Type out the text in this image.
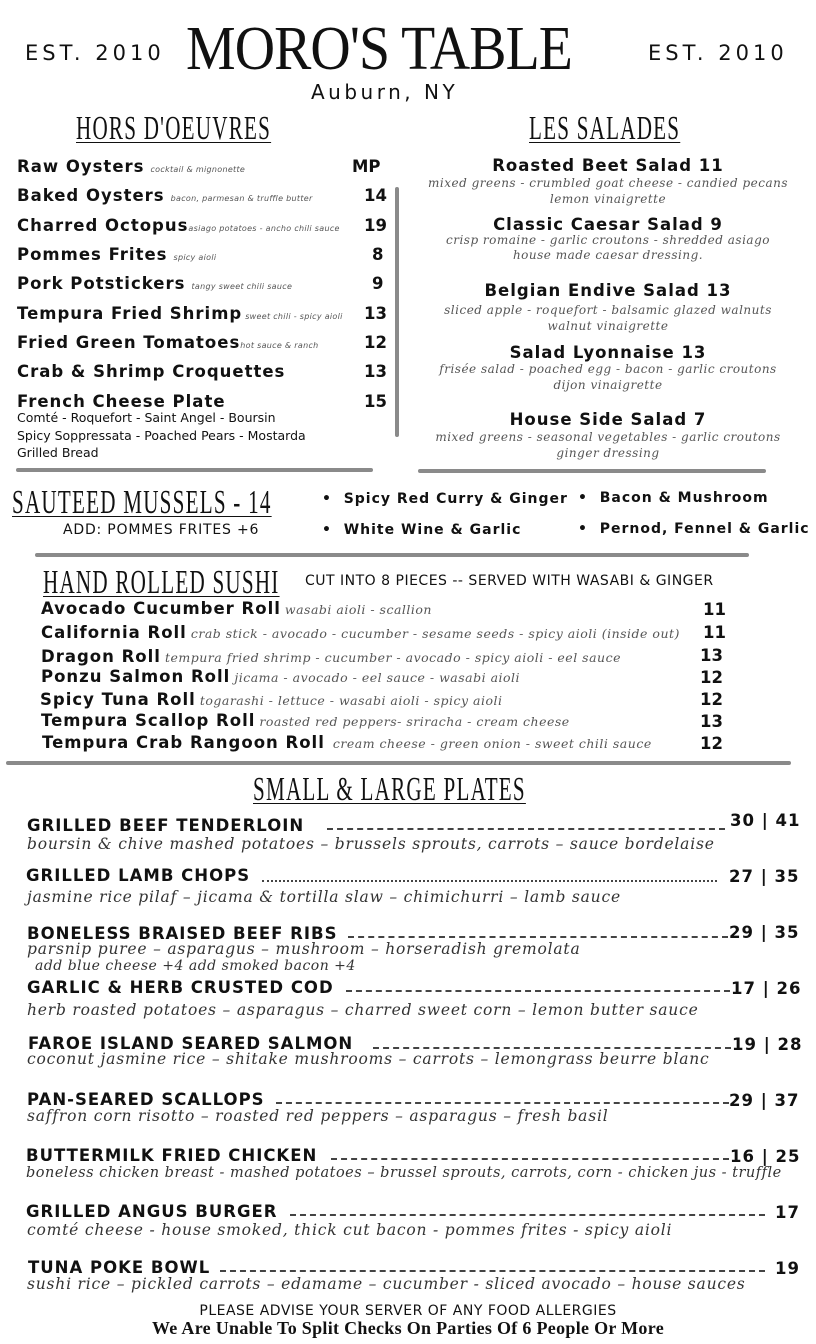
EST. 2010 MORO'S TABLE	EST. 2010
Auburn, NY
HORS D'OEUVRES
Raw Oysters cocktail & mignonette	MP
Baked Oysters bacon, parmesan & truffle butter	14
Charred Octopusasiago potatoes - ancho chili sauce 19
Pommes Frites spicy aioli	8
Pork Potstickers tangy sweet chili sauce	9
Tempura Fried Shrimp sweet chili - spicy aioli 13
Fried Green Tomatoeshot sauce & ranch	12
Crab & Shrimp Croquettes	13
French Cheese Plate	15
Comté - Roquefort - Saint Angel - Boursin
Spicy Soppressata - Poached Pears - Mostarda
Grilled Bread
LES SALADES
Roasted Beet Salad 11
mixed greens - crumbled goat cheese - candied pecans
lemon vinaigrette
Classic Caesar Salad 9
crisp romaine - garlic croutons - shredded asiago
house made caesar dressing.
Belgian Endive Salad 13
sliced apple - roquefort - balsamic glazed walnuts
walnut vinaigrette
Salad Lyonnaise 13
frisée salad - poached egg - bacon - garlic croutons
dijon vinaigrette
House Side Salad 7
mixed greens - seasonal vegetables - garlic croutons
ginger dressing
SAUTEED MUSSELS - 14
ADD: POMMES FRITES +6
•  Spicy Red Curry & Ginger
•  White Wine & Garlic
•  Bacon & Mushroom
•  Pernod, Fennel & Garlic
HAND ROLLED SUSHI CUT INTO 8 PIECES -- SERVED WITH WASABI & GINGER
Avocado Cucumber Roll wasabi aioli - scallion	11
California Roll crab stick - avocado - cucumber - sesame seeds - spicy aioli (inside out) 11
Dragon Roll tempura fried shrimp - cucumber - avocado - spicy aioli - eel sauce	13
Ponzu Salmon Roll jicama - avocado - eel sauce - wasabi aioli	12
Spicy Tuna Roll togarashi - lettuce - wasabi aioli - spicy aioli	12
Tempura Scallop Roll roasted red peppers- sriracha - cream cheese	13
Tempura Crab Rangoon Roll cream cheese - green onion - sweet chili sauce	12
SMALL & LARGE PLATES
GRILLED BEEF TENDERLOIN	30 | 41
boursin & chive mashed potatoes – brussels sprouts, carrots – sauce bordelaise
GRILLED LAMB CHOPS	27 | 35
jasmine rice pilaf – jicama & tortilla slaw – chimichurri – lamb sauce
BONELESS BRAISED BEEF RIBS	29 | 35
parsnip puree – asparagus – mushroom – horseradish gremolata
add blue cheese +4 add smoked bacon +4
GARLIC & HERB CRUSTED COD	17 | 26
herb roasted potatoes – asparagus – charred sweet corn – lemon butter sauce
FAROE ISLAND SEARED SALMON	19 | 28
coconut jasmine rice – shitake mushrooms – carrots – lemongrass beurre blanc
PAN-SEARED SCALLOPS	29 | 37
saffron corn risotto – roasted red peppers – asparagus – fresh basil
BUTTERMILK FRIED CHICKEN	16 | 25
boneless chicken breast - mashed potatoes – brussel sprouts, carrots, corn - chicken jus - truffle
GRILLED ANGUS BURGER	17
comté cheese - house smoked, thick cut bacon - pommes frites - spicy aioli
TUNA POKE BOWL	19
sushi rice – pickled carrots – edamame – cucumber - sliced avocado – house sauces
PLEASE ADVISE YOUR SERVER OF ANY FOOD ALLERGIES
We Are Unable To Split Checks On Parties Of 6 People Or More
